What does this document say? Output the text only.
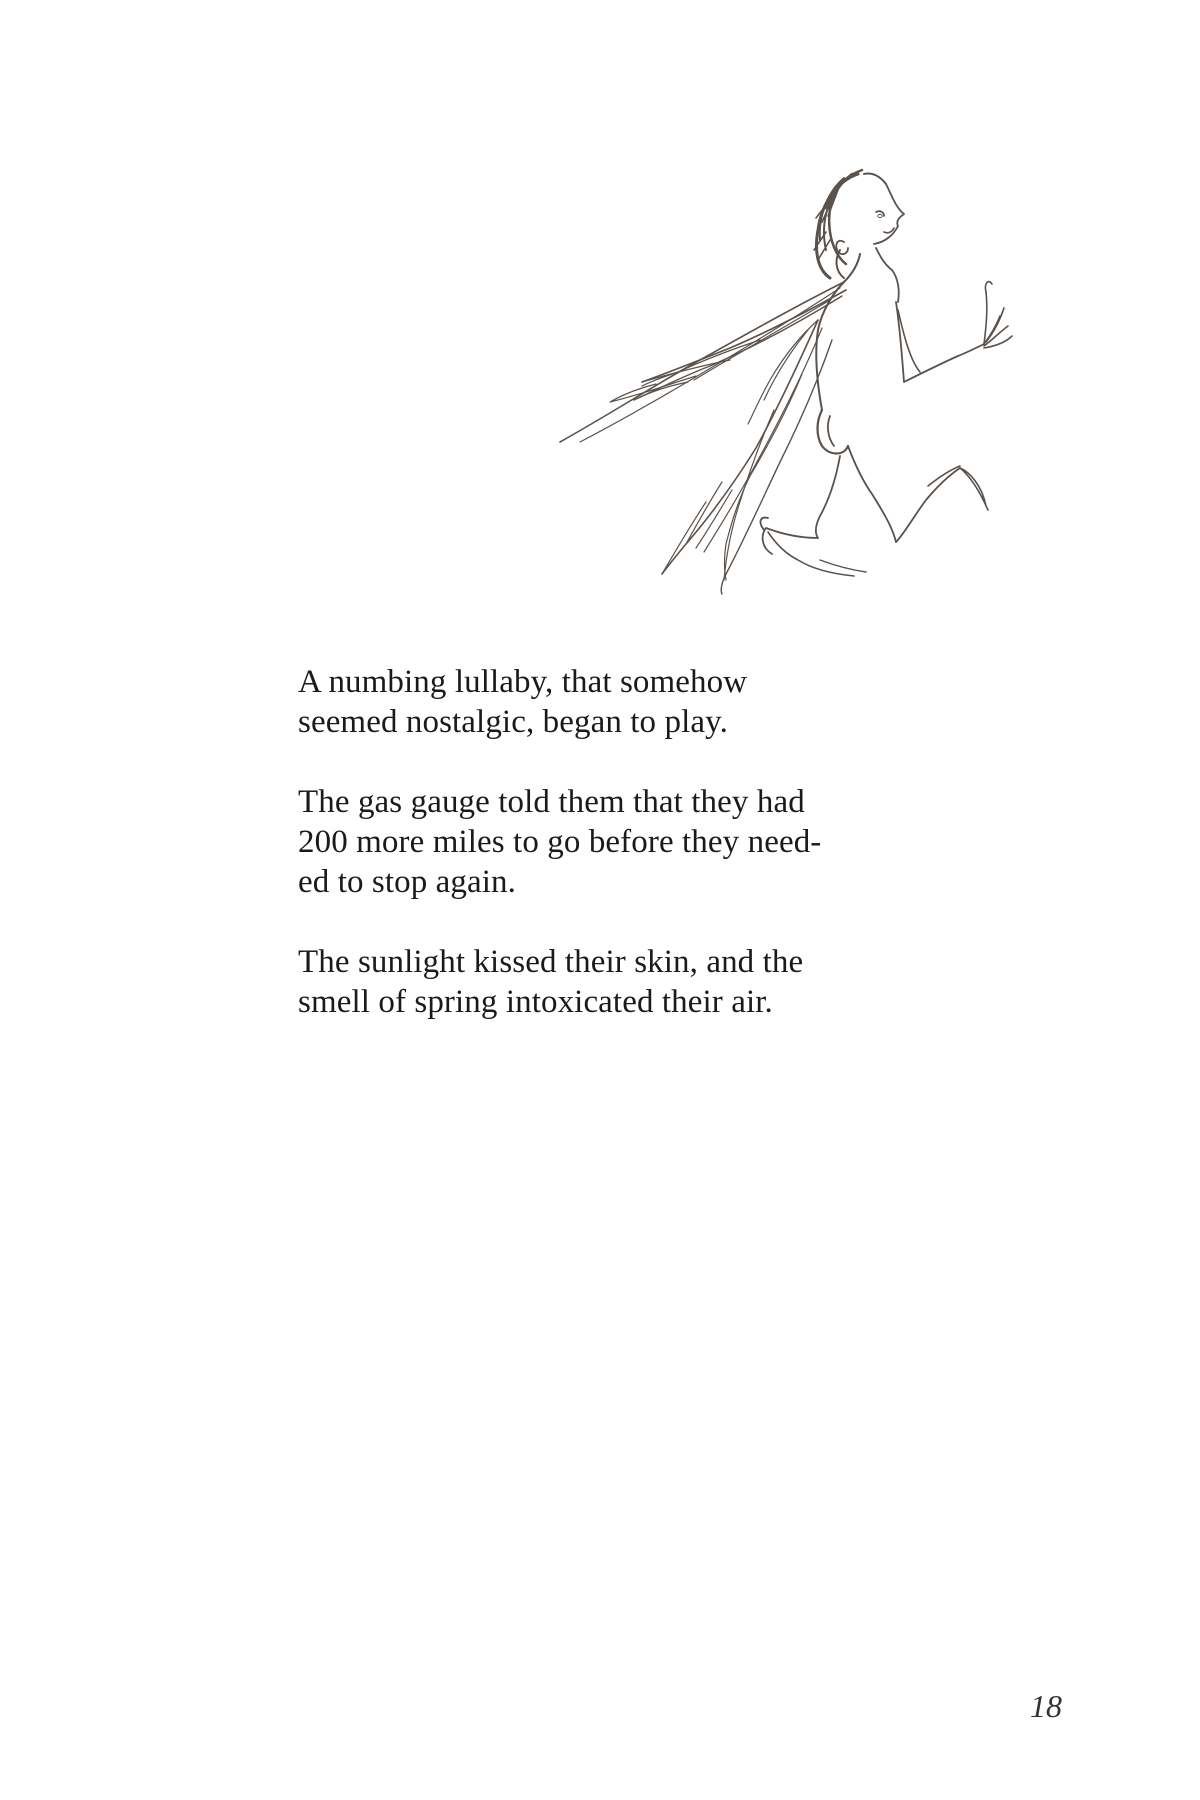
A numbing lullaby, that somehow
seemed nostalgic, began to play.

The gas gauge told them that they had
200 more miles to go before they need-
ed to stop again.

The sunlight kissed their skin, and the
smell of spring intoxicated their air.

18
